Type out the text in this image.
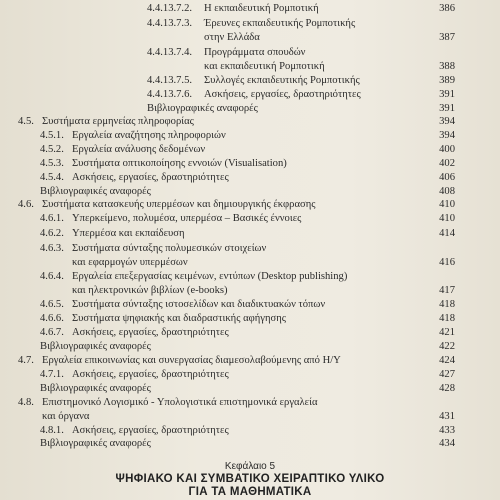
4.4.13.7.2. Η εκπαιδευτική Ρομποτική	386
4.4.13.7.3. Έρευνες εκπαιδευτικής Ρομποτικής
στην Ελλάδα	387
4.4.13.7.4. Προγράμματα σπουδών
και εκπαιδευτική Ρομποτική	388
4.4.13.7.5. Συλλογές εκπαιδευτικής Ρομποτικής	389
4.4.13.7.6. Ασκήσεις, εργασίες, δραστηριότητες	391
Βιβλιογραφικές αναφορές	391
4.5. Συστήματα ερμηνείας πληροφορίας	394
4.5.1. Εργαλεία αναζήτησης πληροφοριών	394
4.5.2. Εργαλεία ανάλυσης δεδομένων	400
4.5.3. Συστήματα οπτικοποίησης εννοιών (Visualisation)	402
4.5.4. Ασκήσεις, εργασίες, δραστηριότητες	406
Βιβλιογραφικές αναφορές	408
4.6. Συστήματα κατασκευής υπερμέσων και δημιουργικής έκφρασης	410
4.6.1. Υπερκείμενο, πολυμέσα, υπερμέσα – Βασικές έννοιες	410
4.6.2. Υπερμέσα και εκπαίδευση	414
4.6.3. Συστήματα σύνταξης πολυμεσικών στοιχείων
και εφαρμογών υπερμέσων	416
4.6.4. Εργαλεία επεξεργασίας κειμένων, εντύπων (Desktop publishing)
και ηλεκτρονικών βιβλίων (e-books)	417
4.6.5. Συστήματα σύνταξης ιστοσελίδων και διαδικτυακών τόπων	418
4.6.6. Συστήματα ψηφιακής και διαδραστικής αφήγησης	418
4.6.7. Ασκήσεις, εργασίες, δραστηριότητες	421
Βιβλιογραφικές αναφορές	422
4.7. Εργαλεία επικοινωνίας και συνεργασίας διαμεσολαβούμενης από Η/Υ	424
4.7.1. Ασκήσεις, εργασίες, δραστηριότητες	427
Βιβλιογραφικές αναφορές	428
4.8. Επιστημονικό Λογισμικό - Υπολογιστικά επιστημονικά εργαλεία
και όργανα	431
4.8.1. Ασκήσεις, εργασίες, δραστηριότητες	433
Βιβλιογραφικές αναφορές	434
Κεφάλαιο 5
ΨΗΦΙΑΚΟ ΚΑΙ ΣΥΜΒΑΤΙΚΟ ΧΕΙΡΑΠΤΙΚΟ ΥΛΙΚΟ
ΓΙΑ ΤΑ ΜΑΘΗΜΑΤΙΚΑ
